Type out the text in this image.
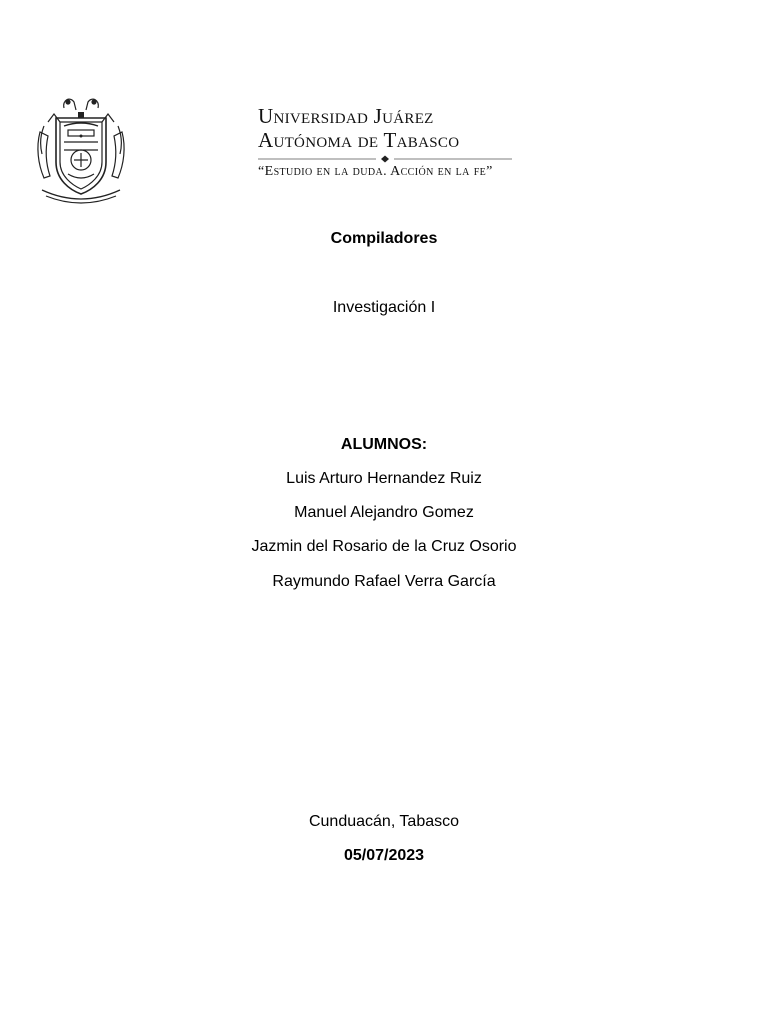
Universidad Juárez
Autónoma de Tabasco
“Estudio en la duda. Acción en la fe”
Compiladores
Investigación I
ALUMNOS:
Luis Arturo Hernandez Ruiz
Manuel Alejandro Gomez
Jazmin del Rosario de la Cruz Osorio
Raymundo Rafael Verra García
Cunduacán, Tabasco
05/07/2023
